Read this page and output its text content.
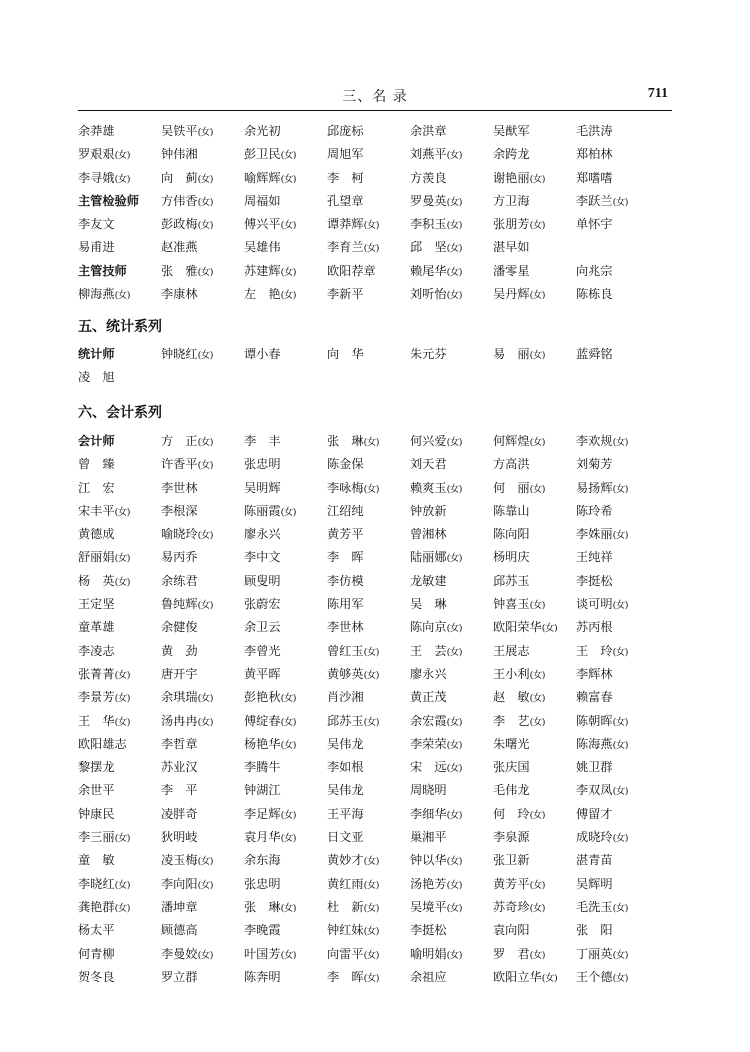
三、名 录	711
余莽雄	吴铁平(女)	余光初	邱庞标	余洪章	吴猷军	毛洪涛
罗艰艰(女)	钟伟湘	彭卫民(女)	周旭军	刘燕平(女)	余跨龙	郑柏林
李寻娥(女)	向　蓟(女)	喻辉辉(女)	李　柯	方羡良	谢艳丽(女)	郑嗜嗜
主管检验师 方伟香(女)	周福如	孔望章	罗曼英(女)	方卫海	李跃兰(女)
李友文	彭政梅(女)	傅兴平(女)	谭莽辉(女)	李积玉(女)	张朋芳(女)	单怀宇
易甫进	赵准燕	吴雄伟	李育兰(女)	邱　坚(女)	湛早如
主管技师	张　雅(女)	苏建辉(女)	欧阳荐章	赖尾华(女)	潘零星	向兆宗
柳海燕(女)	李康林	左　艳(女)	李新平	刘听怡(女)	吴丹辉(女)	陈栋良
五、统计系列
统计师	钟晓红(女)	谭小春	向　华	朱元芬	易　丽(女)	蓝舜铭
凌　旭
六、会计系列
会计师	方　正(女)	李　丰	张　琳(女)	何兴爱(女)	何辉煌(女)	李欢规(女)
曾　臻	许香平(女)	张忠明	陈金保	刘天君	方高洪	刘菊芳
江　宏	李世林	吴明辉	李咏梅(女)	赖爽玉(女)	何　丽(女)	易扬辉(女)
宋丰平(女)	李根深	陈丽霞(女)	江绍纯	钟放新	陈靠山	陈玲希
黄德成	喻晓玲(女)	廖永兴	黄芳平	曾湘林	陈向阳	李姝丽(女)
舒丽娟(女)	易丙乔	李中文	李　晖	陆丽娜(女)	杨明庆	王纯祥
杨　英(女)	余练君	顾叟明	李仿模	龙敏建	邱苏玉	李挺松
王定坚	鲁纯辉(女)	张蔚宏	陈用军	吴　琳	钟喜玉(女)	谈可明(女)
童革雄	余健俊	余卫云	李世林	陈向京(女)	欧阳荣华(女) 苏丙根
李凌志	黄　劲	李曾光	曾红玉(女)	王　芸(女)	王展志	王　玲(女)
张菁菁(女)	唐开宇	黄平晖	黄够英(女)	廖永兴	王小利(女)	李辉林
李景芳(女)	余琪瑞(女)	彭艳秋(女)	肖沙湘	黄正茂	赵　敏(女)	赖富春
王　华(女)	汤冉冉(女)	傅绽春(女)	邱苏玉(女)	余宏霞(女)	李　艺(女)	陈朝晖(女)
欧阳雄志	李哲章	杨艳华(女)	吴伟龙	李荣荣(女)	朱曙光	陈海燕(女)
黎摆龙	苏业汉	李腾牛	李如根	宋　远(女)	张庆国	姚卫群
余世平	李　平	钟湖江	吴伟龙	周晓明	毛伟龙	李双凤(女)
钟康民	凌胖奇	李足辉(女)	王平海	李细华(女)	何　玲(女)	傅留才
李三丽(女)	狄明岐	袁月华(女)	日文亚	巢湘平	李泉源	成晓玲(女)
童　敏	凌玉梅(女)	余东海	黄妙才(女)	钟以华(女)	张卫新	湛青苗
李晓红(女)	李向阳(女)	张忠明	黄红雨(女)	汤艳芳(女)	黄芳平(女)	吴辉明
龚艳群(女)	潘坤章	张　琳(女)	杜　新(女)	吴境平(女)	苏奇珍(女)	毛洗玉(女)
杨太平	顾德高	李晚霞	钟红妹(女)	李挺松	袁向阳	张　阳
何青柳	李曼姣(女)	叶国芳(女)	向雷平(女)	喻明娟(女)	罗　君(女)	丁丽英(女)
贺冬良	罗立群	陈奔明	李　晖(女)	余祖应	欧阳立华(女) 王个德(女)
